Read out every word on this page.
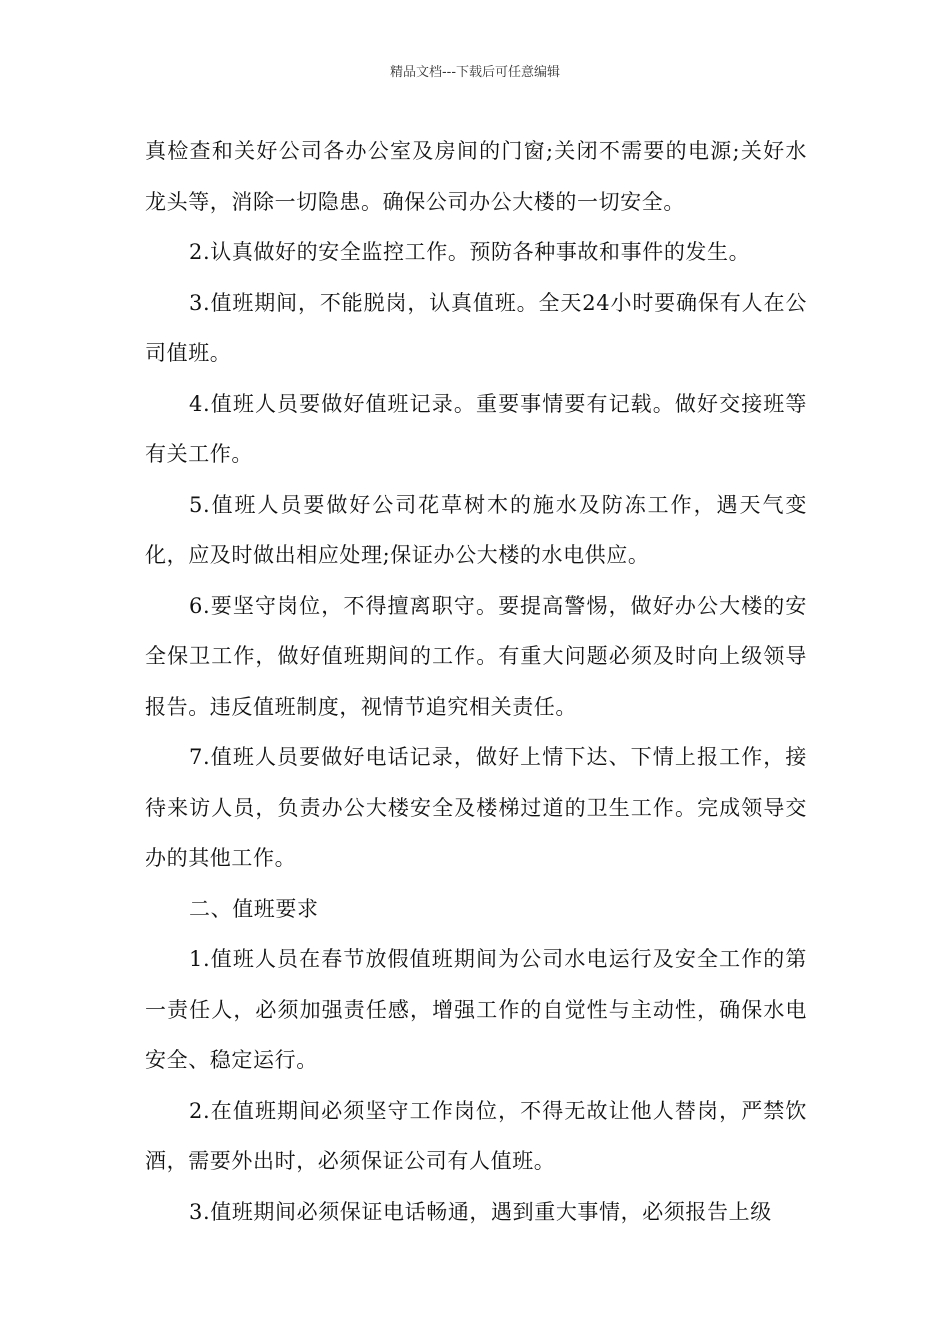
精品文档---下载后可任意编辑

真检查和关好公司各办公室及房间的门窗;关闭不需要的电源;关好水龙头等，消除一切隐患。确保公司办公大楼的一切安全。

2.认真做好的安全监控工作。预防各种事故和事件的发生。

3.值班期间，不能脱岗，认真值班。全天24小时要确保有人在公司值班。

4.值班人员要做好值班记录。重要事情要有记载。做好交接班等有关工作。

5.值班人员要做好公司花草树木的施水及防冻工作，遇天气变化，应及时做出相应处理;保证办公大楼的水电供应。

6.要坚守岗位，不得擅离职守。要提高警惕，做好办公大楼的安全保卫工作，做好值班期间的工作。有重大问题必须及时向上级领导报告。违反值班制度，视情节追究相关责任。

7.值班人员要做好电话记录，做好上情下达、下情上报工作，接待来访人员，负责办公大楼安全及楼梯过道的卫生工作。完成领导交办的其他工作。

二、值班要求

1.值班人员在春节放假值班期间为公司水电运行及安全工作的第一责任人，必须加强责任感，增强工作的自觉性与主动性，确保水电安全、稳定运行。

2.在值班期间必须坚守工作岗位，不得无故让他人替岗，严禁饮酒，需要外出时，必须保证公司有人值班。

3.值班期间必须保证电话畅通，遇到重大事情，必须报告上级
